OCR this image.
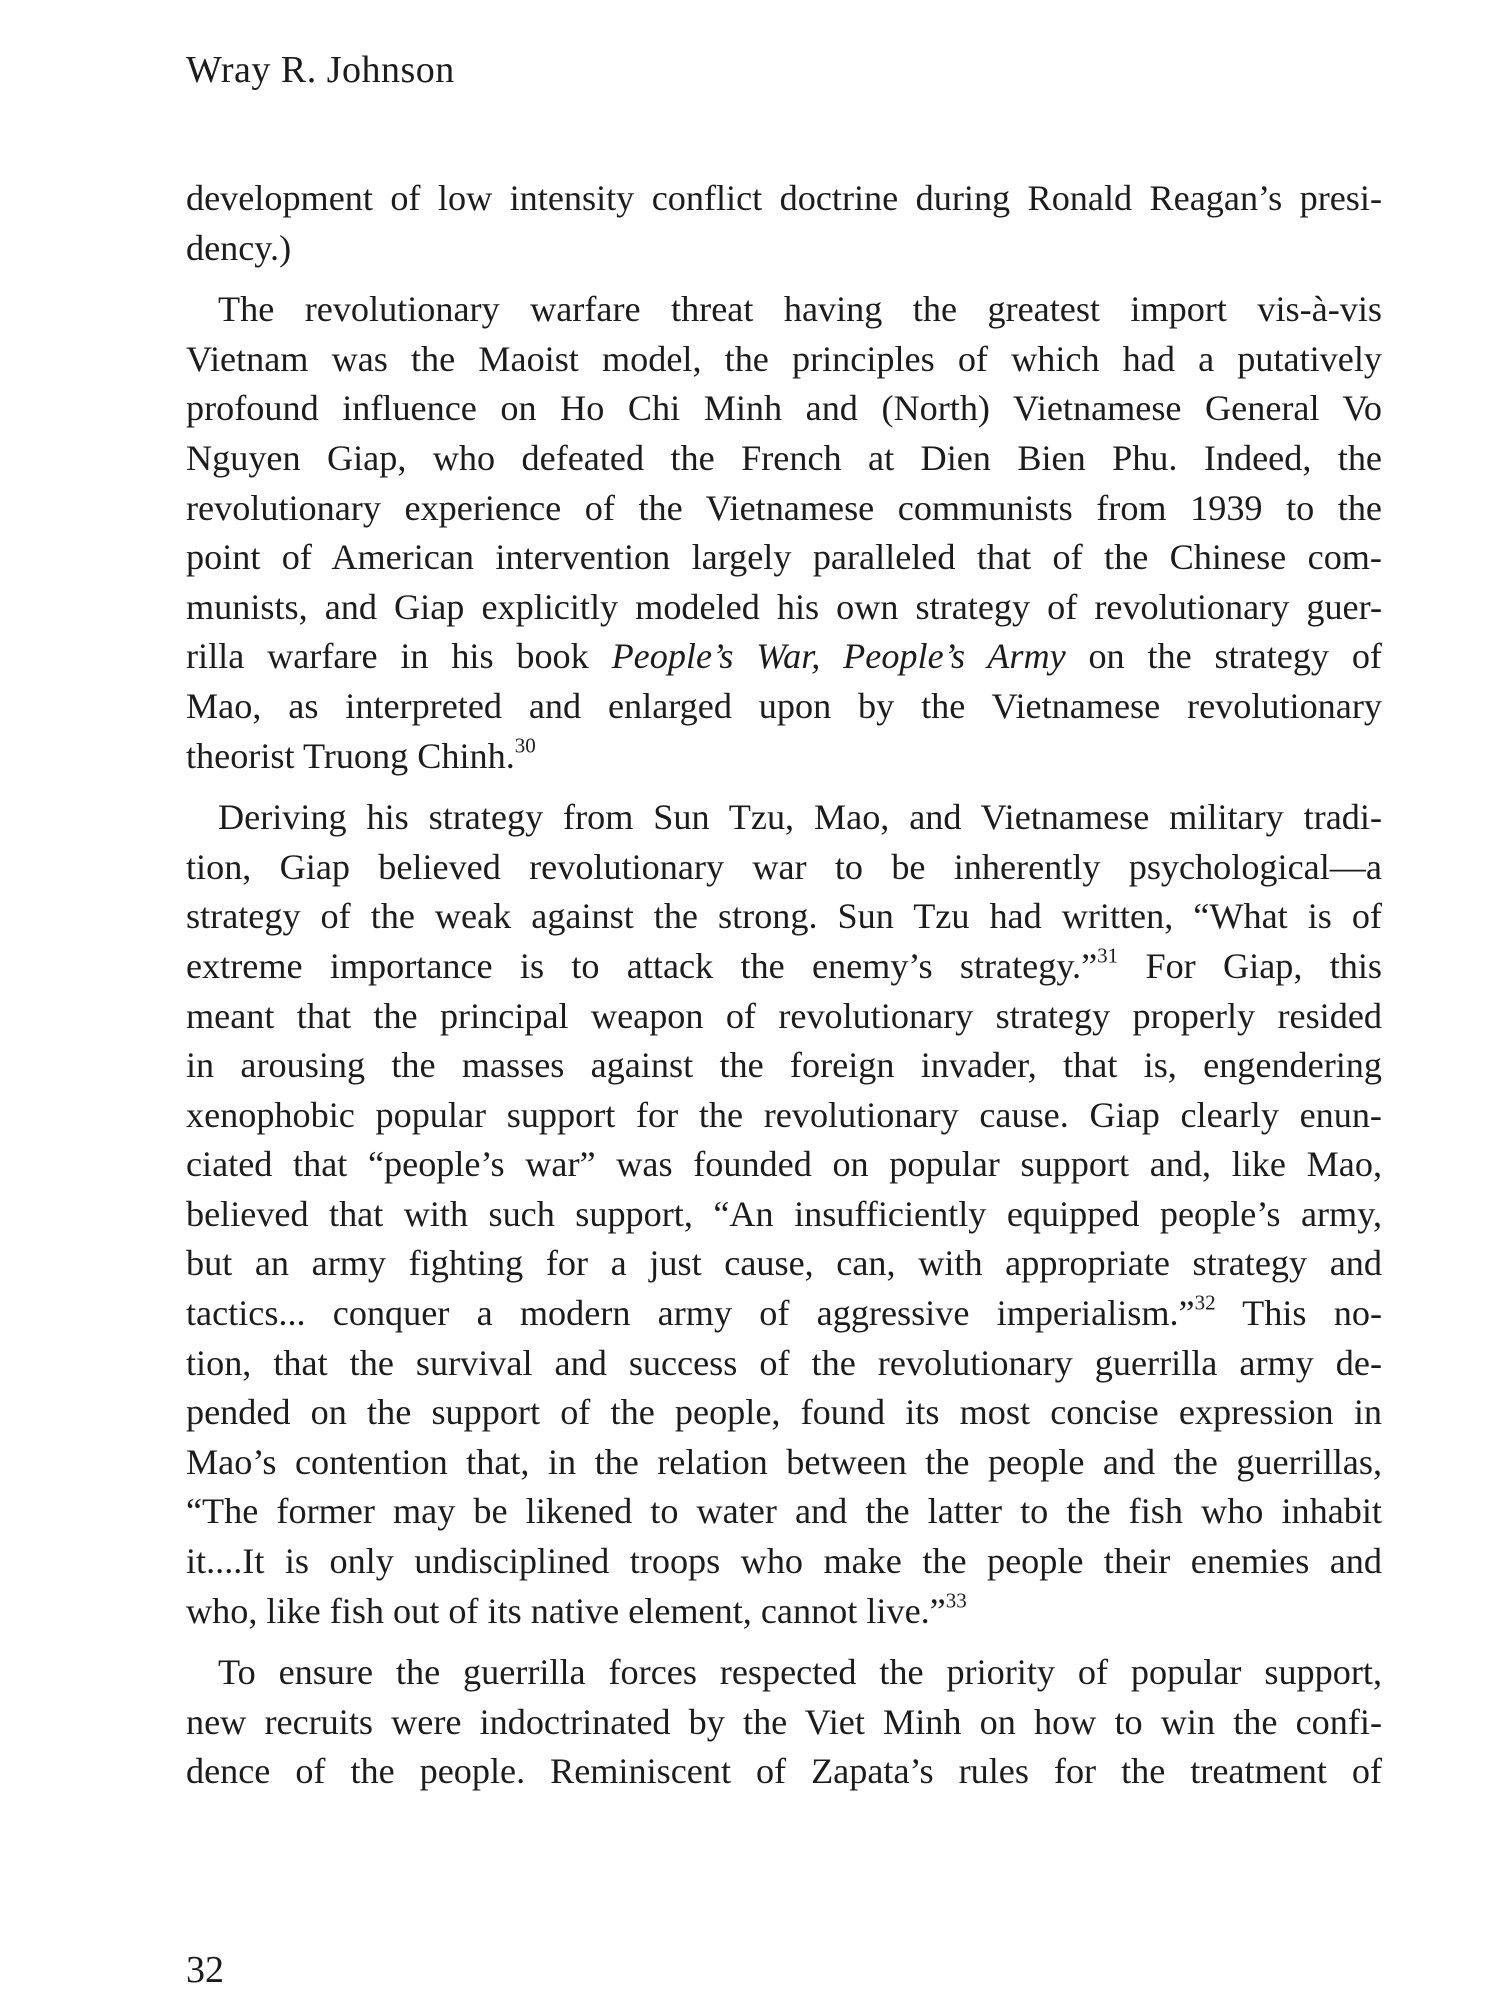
Wray R. Johnson
development of low intensity conflict doctrine during Ronald Reagan’s presi-
dency.)
The revolutionary warfare threat having the greatest import vis-à-vis
Vietnam was the Maoist model, the principles of which had a putatively
profound influence on Ho Chi Minh and (North) Vietnamese General Vo
Nguyen Giap, who defeated the French at Dien Bien Phu. Indeed, the
revolutionary experience of the Vietnamese communists from 1939 to the
point of American intervention largely paralleled that of the Chinese com-
munists, and Giap explicitly modeled his own strategy of revolutionary guer-
rilla warfare in his book People’s War, People’s Army on the strategy of
Mao, as interpreted and enlarged upon by the Vietnamese revolutionary
theorist Truong Chinh.$^{30}$
Deriving his strategy from Sun Tzu, Mao, and Vietnamese military tradi-
tion, Giap believed revolutionary war to be inherently psychological—a
strategy of the weak against the strong. Sun Tzu had written, “What is of
extreme importance is to attack the enemy’s strategy.”$^{31}$ For Giap, this
meant that the principal weapon of revolutionary strategy properly resided
in arousing the masses against the foreign invader, that is, engendering
xenophobic popular support for the revolutionary cause. Giap clearly enun-
ciated that “people’s war” was founded on popular support and, like Mao,
believed that with such support, “An insufficiently equipped people’s army,
but an army fighting for a just cause, can, with appropriate strategy and
tactics... conquer a modern army of aggressive imperialism.”$^{32}$ This no-
tion, that the survival and success of the revolutionary guerrilla army de-
pended on the support of the people, found its most concise expression in
Mao’s contention that, in the relation between the people and the guerrillas,
“The former may be likened to water and the latter to the fish who inhabit
it....It is only undisciplined troops who make the people their enemies and
who, like fish out of its native element, cannot live.”$^{33}$
To ensure the guerrilla forces respected the priority of popular support,
new recruits were indoctrinated by the Viet Minh on how to win the confi-
dence of the people. Reminiscent of Zapata’s rules for the treatment of
32
